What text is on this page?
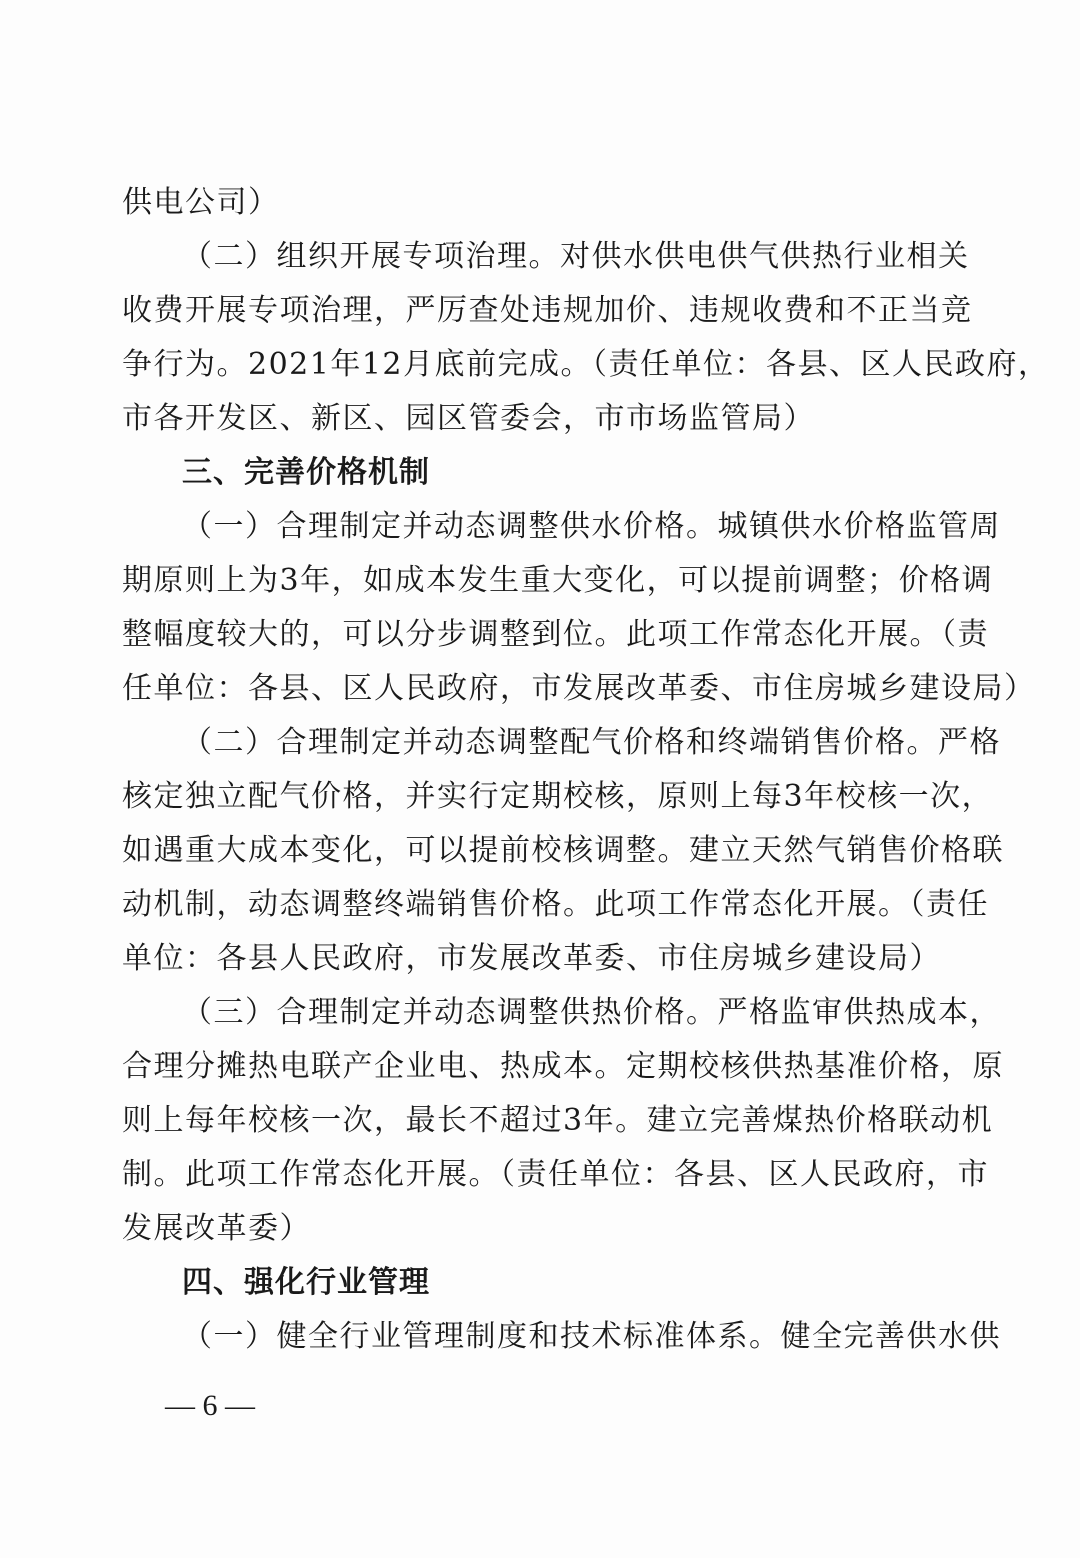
供电公司）
（二）组织开展专项治理。对供水供电供气供热行业相关
收费开展专项治理，严厉查处违规加价、违规收费和不正当竞
争行为。2021年12月底前完成。（责任单位：各县、区人民政府，
市各开发区、新区、园区管委会，市市场监管局）
三、完善价格机制
（一）合理制定并动态调整供水价格。城镇供水价格监管周
期原则上为3年，如成本发生重大变化，可以提前调整；价格调
整幅度较大的，可以分步调整到位。此项工作常态化开展。（责
任单位：各县、区人民政府，市发展改革委、市住房城乡建设局）
（二）合理制定并动态调整配气价格和终端销售价格。严格
核定独立配气价格，并实行定期校核，原则上每3年校核一次，
如遇重大成本变化，可以提前校核调整。建立天然气销售价格联
动机制，动态调整终端销售价格。此项工作常态化开展。（责任
单位：各县人民政府，市发展改革委、市住房城乡建设局）
（三）合理制定并动态调整供热价格。严格监审供热成本，
合理分摊热电联产企业电、热成本。定期校核供热基准价格，原
则上每年校核一次，最长不超过3年。建立完善煤热价格联动机
制。此项工作常态化开展。（责任单位：各县、区人民政府，市
发展改革委）
四、强化行业管理
（一）健全行业管理制度和技术标准体系。健全完善供水供
— 6 —
